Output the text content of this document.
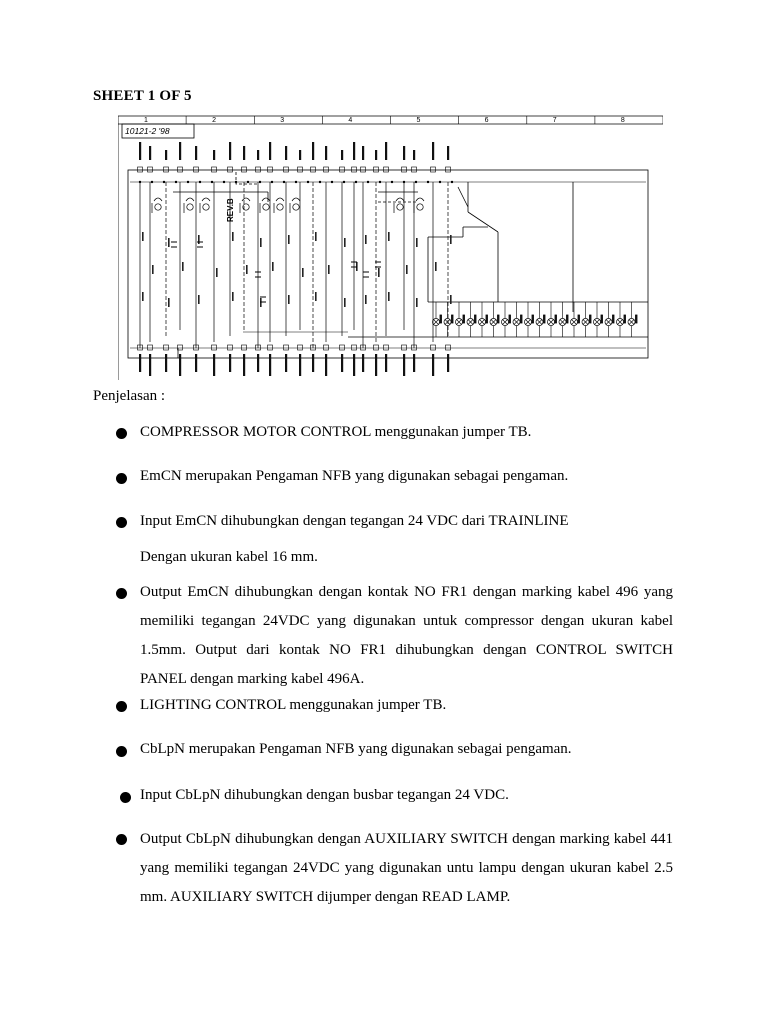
SHEET 1 OF 5
1	2	3	4	5	6	7	8
10121-2 '98
REV.B
Penjelasan :
COMPRESSOR MOTOR CONTROL menggunakan jumper TB.
EmCN merupakan Pengaman NFB yang digunakan sebagai pengaman.
Input EmCN dihubungkan dengan tegangan 24 VDC dari TRAINLINE
Dengan ukuran kabel 16 mm.
Output EmCN dihubungkan dengan kontak NO FR1 dengan marking kabel 496 yang memiliki tegangan 24VDC yang digunakan untuk compressor dengan ukuran kabel 1.5mm. Output dari kontak NO FR1 dihubungkan dengan CONTROL SWITCH PANEL dengan marking kabel 496A.
LIGHTING CONTROL menggunakan jumper TB.
CbLpN merupakan Pengaman NFB yang digunakan sebagai pengaman.
Input CbLpN dihubungkan dengan busbar tegangan 24 VDC.
Output CbLpN dihubungkan dengan AUXILIARY SWITCH dengan marking kabel 441 yang memiliki tegangan 24VDC yang digunakan untu lampu dengan ukuran kabel 2.5 mm. AUXILIARY SWITCH dijumper dengan READ LAMP.
